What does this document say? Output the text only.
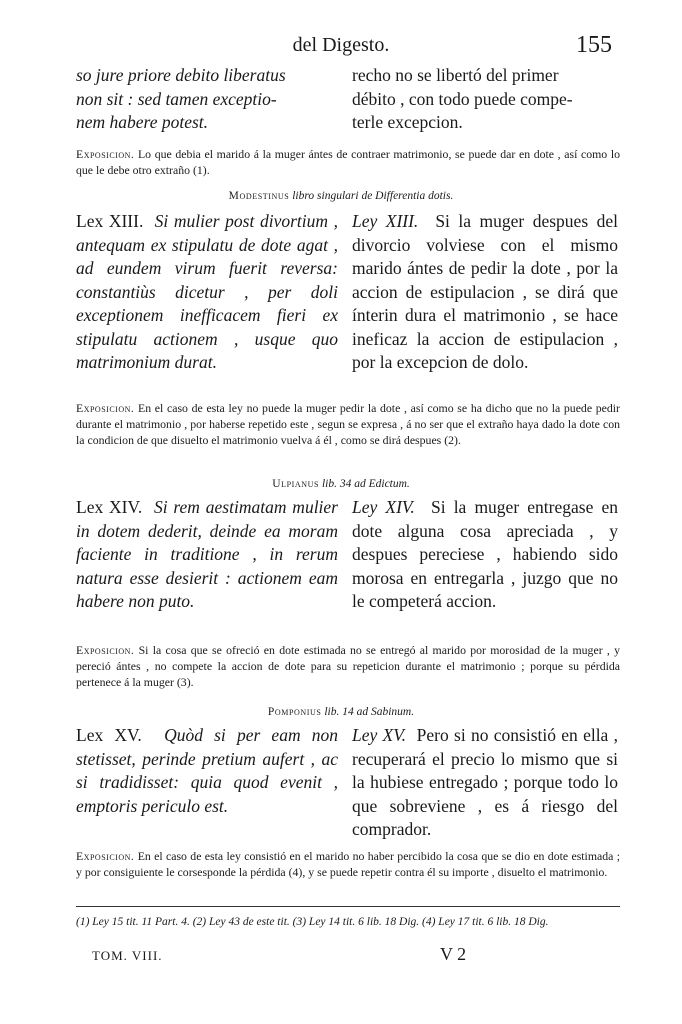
del Digesto.	155

so jure priore debito liberatus

non sit : sed tamen exceptio-

nem habere potest.

recho no se libertó del primer

débito , con todo puede compe-

terle excepcion.

Exposicion. Lo que debia el marido á la muger ántes de contraer matrimonio, se puede dar en dote , así como lo que le debe otro extraño (1).

Modestinus libro singulari de Differentia dotis.

Lex XIII. Si mulier post divortium , antequam ex stipulatu de dote agat , ad eundem virum fuerit reversa: constantiùs dicetur , per doli exceptionem inefficacem fieri ex stipulatu actionem , usque quo matrimonium durat.

Ley XIII. Si la muger despues del divorcio volviese con el mismo marido ántes de pedir la dote , por la accion de estipulacion , se dirá que ínterin dura el matrimonio , se hace ineficaz la accion de estipulacion , por la excepcion de dolo.

Exposicion. En el caso de esta ley no puede la muger pedir la dote , así como se ha dicho que no la puede pedir durante el matrimonio , por haberse repetido este , segun se expresa , á no ser que el extraño haya dado la dote con la condicion de que disuelto el matrimonio vuelva á él , como se dirá despues (2).

Ulpianus lib. 34 ad Edictum.

Lex XIV. Si rem aestimatam mulier in dotem dederit, deinde ea moram faciente in traditione , in rerum natura esse desierit : actionem eam habere non puto.

Ley XIV. Si la muger entregase en dote alguna cosa apreciada , y despues pereciese , habiendo sido morosa en entregarla , juzgo que no le competerá accion.

Exposicion. Si la cosa que se ofreció en dote estimada no se entregó al marido por morosidad de la muger , y pereció ántes , no compete la accion de dote para su repeticion durante el matrimonio ; porque su pérdida pertenece á la muger (3).

Pomponius lib. 14 ad Sabinum.

Lex XV. Quòd si per eam non stetisset, perinde pretium aufert , ac si tradidisset: quia quod evenit , emptoris periculo est.

Ley XV. Pero si no consistió en ella , recuperará el precio lo mismo que si la hubiese entregado ; porque todo lo que sobreviene , es á riesgo del comprador.

Exposicion. En el caso de esta ley consistió en el marido no haber percibido la cosa que se dio en dote estimada ; y por consiguiente le corsesponde la pérdida (4), y se puede repetir contra él su importe , disuelto el matrimonio.

(1) Ley 15 tit. 11 Part. 4. (2) Ley 43 de este tit. (3) Ley 14 tit. 6 lib. 18 Dig. (4) Ley 17 tit. 6 lib. 18 Dig.

TOM. VIII.	V 2
